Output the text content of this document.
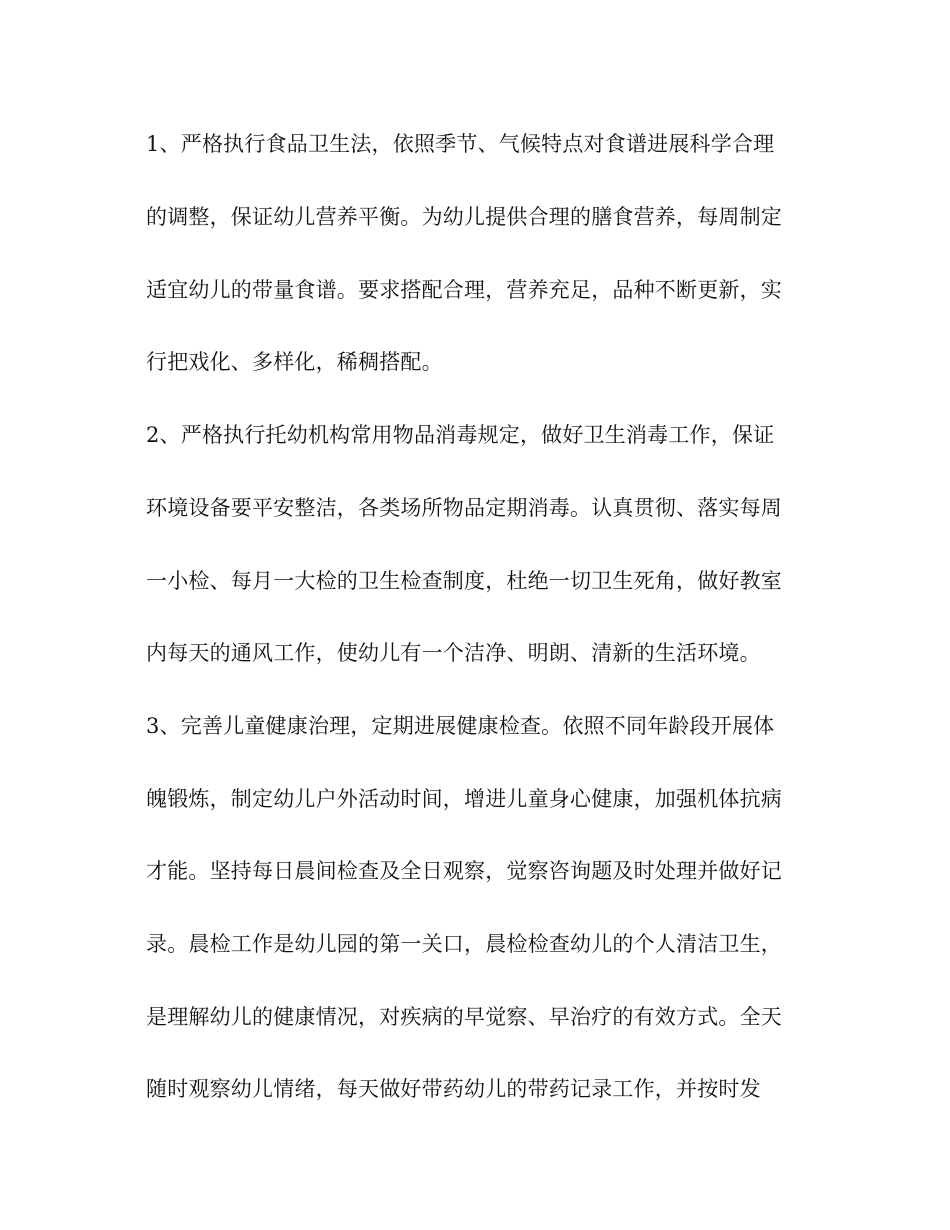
1、严格执行食品卫生法，依照季节、气候特点对食谱进展科学合理
的调整，保证幼儿营养平衡。为幼儿提供合理的膳食营养，每周制定
适宜幼儿的带量食谱。要求搭配合理，营养充足，品种不断更新，实
行把戏化、多样化，稀稠搭配。
2、严格执行托幼机构常用物品消毒规定，做好卫生消毒工作，保证
环境设备要平安整洁，各类场所物品定期消毒。认真贯彻、落实每周
一小检、每月一大检的卫生检查制度，杜绝一切卫生死角，做好教室
内每天的通风工作，使幼儿有一个洁净、明朗、清新的生活环境。
3、完善儿童健康治理，定期进展健康检查。依照不同年龄段开展体
魄锻炼，制定幼儿户外活动时间，增进儿童身心健康，加强机体抗病
才能。坚持每日晨间检查及全日观察，觉察咨询题及时处理并做好记
录。晨检工作是幼儿园的第一关口，晨检检查幼儿的个人清洁卫生，
是理解幼儿的健康情况，对疾病的早觉察、早治疗的有效方式。全天
随时观察幼儿情绪，每天做好带药幼儿的带药记录工作，并按时发
